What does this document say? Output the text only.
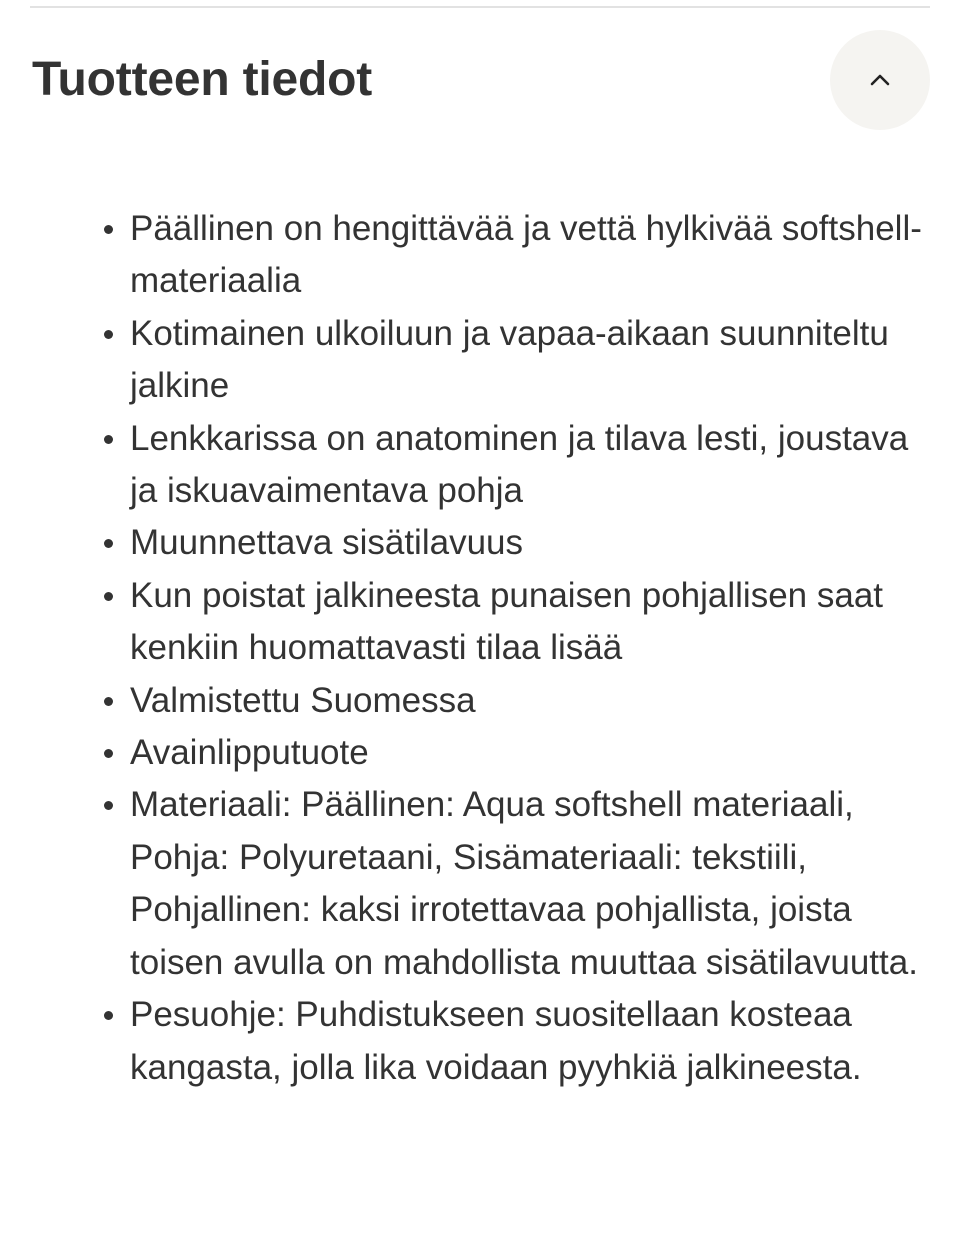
Tuotteen tiedot
Päällinen on hengittävää ja vettä hylkivää softshell-materiaalia
Kotimainen ulkoiluun ja vapaa-aikaan suunniteltu jalkine
Lenkkarissa on anatominen ja tilava lesti, joustava ja iskuavaimentava pohja
Muunnettava sisätilavuus
Kun poistat jalkineesta punaisen pohjallisen saat kenkiin huomattavasti tilaa lisää
Valmistettu Suomessa
Avainlipputuote
Materiaali: Päällinen: Aqua softshell materiaali, Pohja: Polyuretaani, Sisämateriaali: tekstiili, Pohjallinen: kaksi irrotettavaa pohjallista, joista toisen avulla on mahdollista muuttaa sisätilavuutta.
Pesuohje: Puhdistukseen suositellaan kosteaa kangasta, jolla lika voidaan pyyhkiä jalkineesta.
